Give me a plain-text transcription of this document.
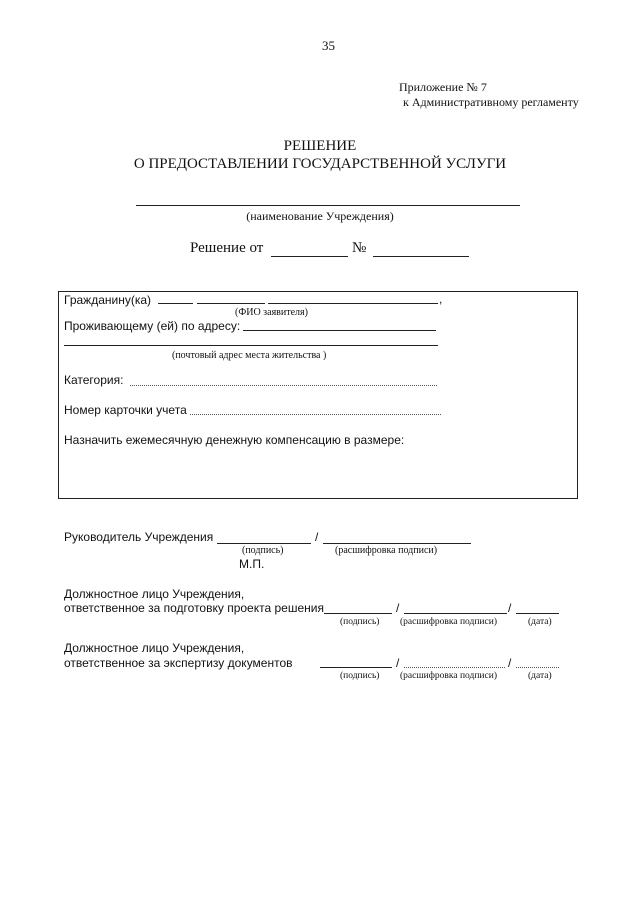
35
Приложение № 7
к Административному регламенту
РЕШЕНИЕ
О ПРЕДОСТАВЛЕНИИ ГОСУДАРСТВЕННОЙ УСЛУГИ
(наименование Учреждения)
Решение от	№
Гражданину(ка)	,
(ФИО заявителя)
Проживающему (ей) по адресу:
(почтовый адрес места жительства )
Категория:
Номер карточки учета
Назначить ежемесячную денежную компенсацию в размере:
Руководитель Учреждения	/
(подпись)	(расшифровка подписи)
М.П.
Должностное лицо Учреждения,
ответственное за подготовку проекта решения	/	/
(подпись) (расшифровка подписи)	(дата)
Должностное лицо Учреждения,
ответственное за экспертизу документов	/	/
(подпись) (расшифровка подписи)	(дата)
